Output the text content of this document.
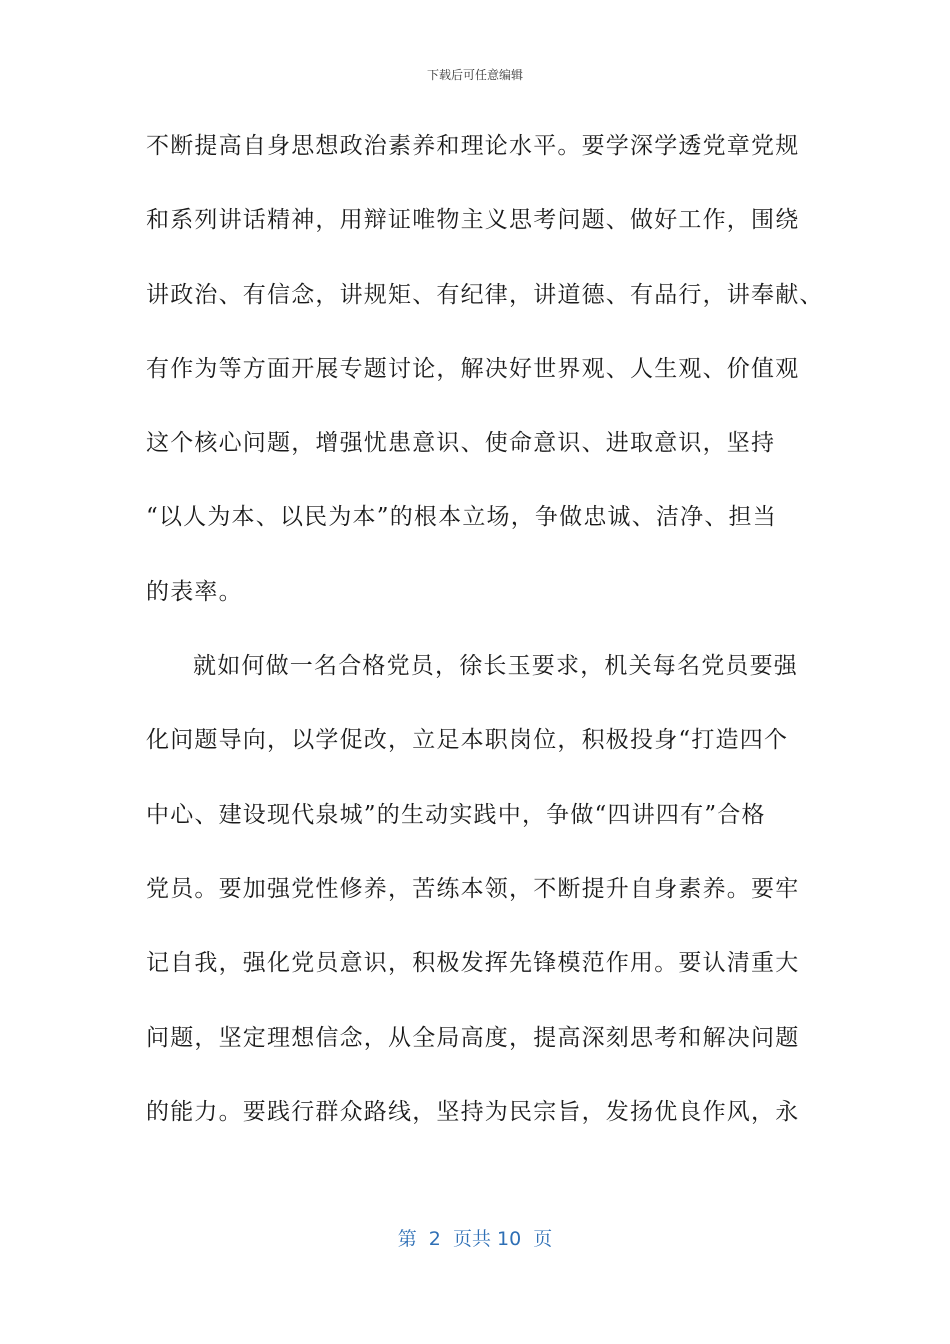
下载后可任意编辑
不断提高自身思想政治素养和理论水平。要学深学透党章党规
和系列讲话精神，用辩证唯物主义思考问题、做好工作，围绕
讲政治、有信念，讲规矩、有纪律，讲道德、有品行，讲奉献、
有作为等方面开展专题讨论，解决好世界观、人生观、价值观
这个核心问题，增强忧患意识、使命意识、进取意识，坚持
“以人为本、以民为本”的根本立场，争做忠诚、洁净、担当
的表率。
就如何做一名合格党员，徐长玉要求，机关每名党员要强
化问题导向，以学促改，立足本职岗位，积极投身“打造四个
中心、建设现代泉城”的生动实践中，争做“四讲四有”合格
党员。要加强党性修养，苦练本领，不断提升自身素养。要牢
记自我，强化党员意识，积极发挥先锋模范作用。要认清重大
问题，坚定理想信念，从全局高度，提高深刻思考和解决问题
的能力。要践行群众路线，坚持为民宗旨，发扬优良作风，永
第  2  页共 10  页
